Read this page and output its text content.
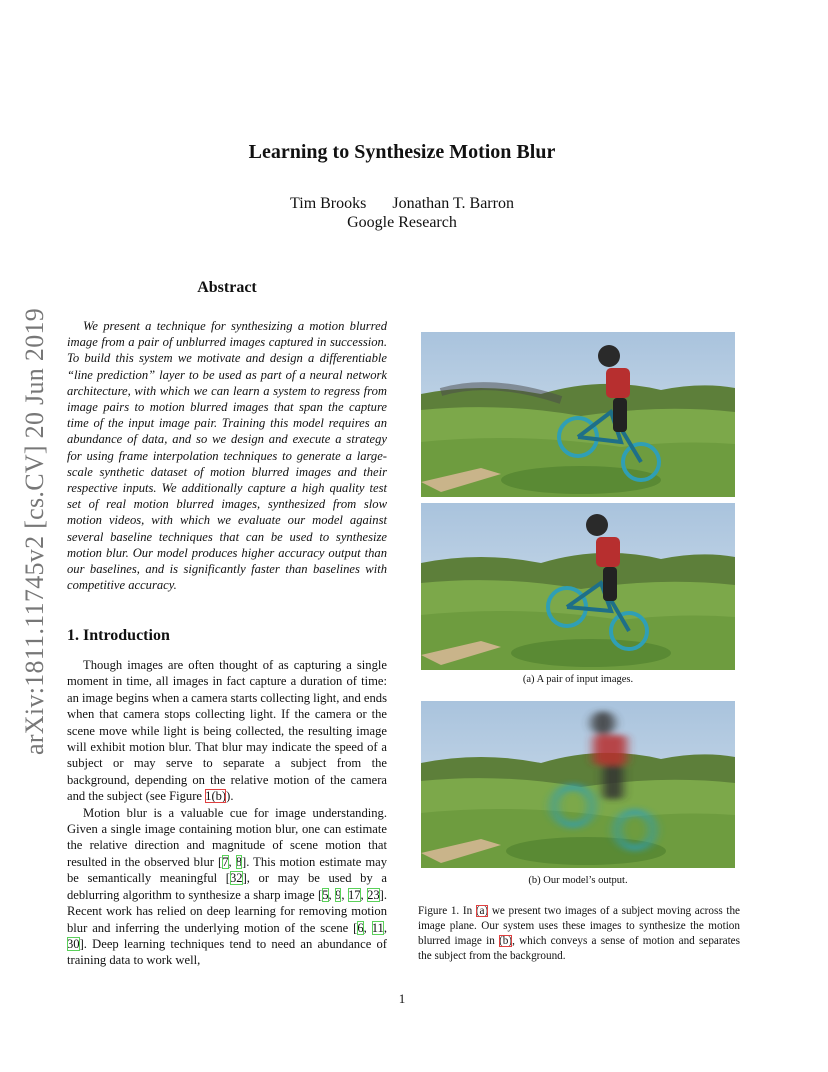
arXiv:1811.11745v2 [cs.CV] 20 Jun 2019
Learning to Synthesize Motion Blur
Tim Brooks Jonathan T. Barron
Google Research
Abstract
We present a technique for synthesizing a motion blurred image from a pair of unblurred images captured in succession. To build this system we motivate and design a differentiable “line prediction” layer to be used as part of a neural network architecture, with which we can learn a system to regress from image pairs to motion blurred images that span the capture time of the input image pair. Training this model requires an abundance of data, and so we design and execute a strategy for using frame interpolation techniques to generate a large-scale synthetic dataset of motion blurred images and their respective inputs. We additionally capture a high quality test set of real motion blurred images, synthesized from slow motion videos, with which we evaluate our model against several baseline techniques that can be used to synthesize motion blur. Our model produces higher accuracy output than our baselines, and is significantly faster than baselines with competitive accuracy.
1. Introduction

Though images are often thought of as capturing a single moment in time, all images in fact capture a duration of time: an image begins when a camera starts collecting light, and ends when that camera stops collecting light. If the camera or the scene move while light is being collected, the resulting image will exhibit motion blur. That blur may indicate the speed of a subject or may serve to separate a subject from the background, depending on the relative motion of the camera and the subject (see Figure 1(b)).

Motion blur is a valuable cue for image understanding. Given a single image containing motion blur, one can estimate the relative direction and magnitude of scene motion that resulted in the observed blur [7, 8]. This motion estimate may be semantically meaningful [32], or may be used by a deblurring algorithm to synthesize a sharp image [5, 9, 17, 23]. Recent work has relied on deep learning for removing motion blur and inferring the underlying motion of the scene [6, 11, 30]. Deep learning techniques tend to need an abundance of training data to work well,

(a) A pair of input images.
(b) Our model’s output.
Figure 1. In (a) we present two images of a subject moving across the image plane. Our system uses these images to synthesize the motion blurred image in (b), which conveys a sense of motion and separates the subject from the background.
1
